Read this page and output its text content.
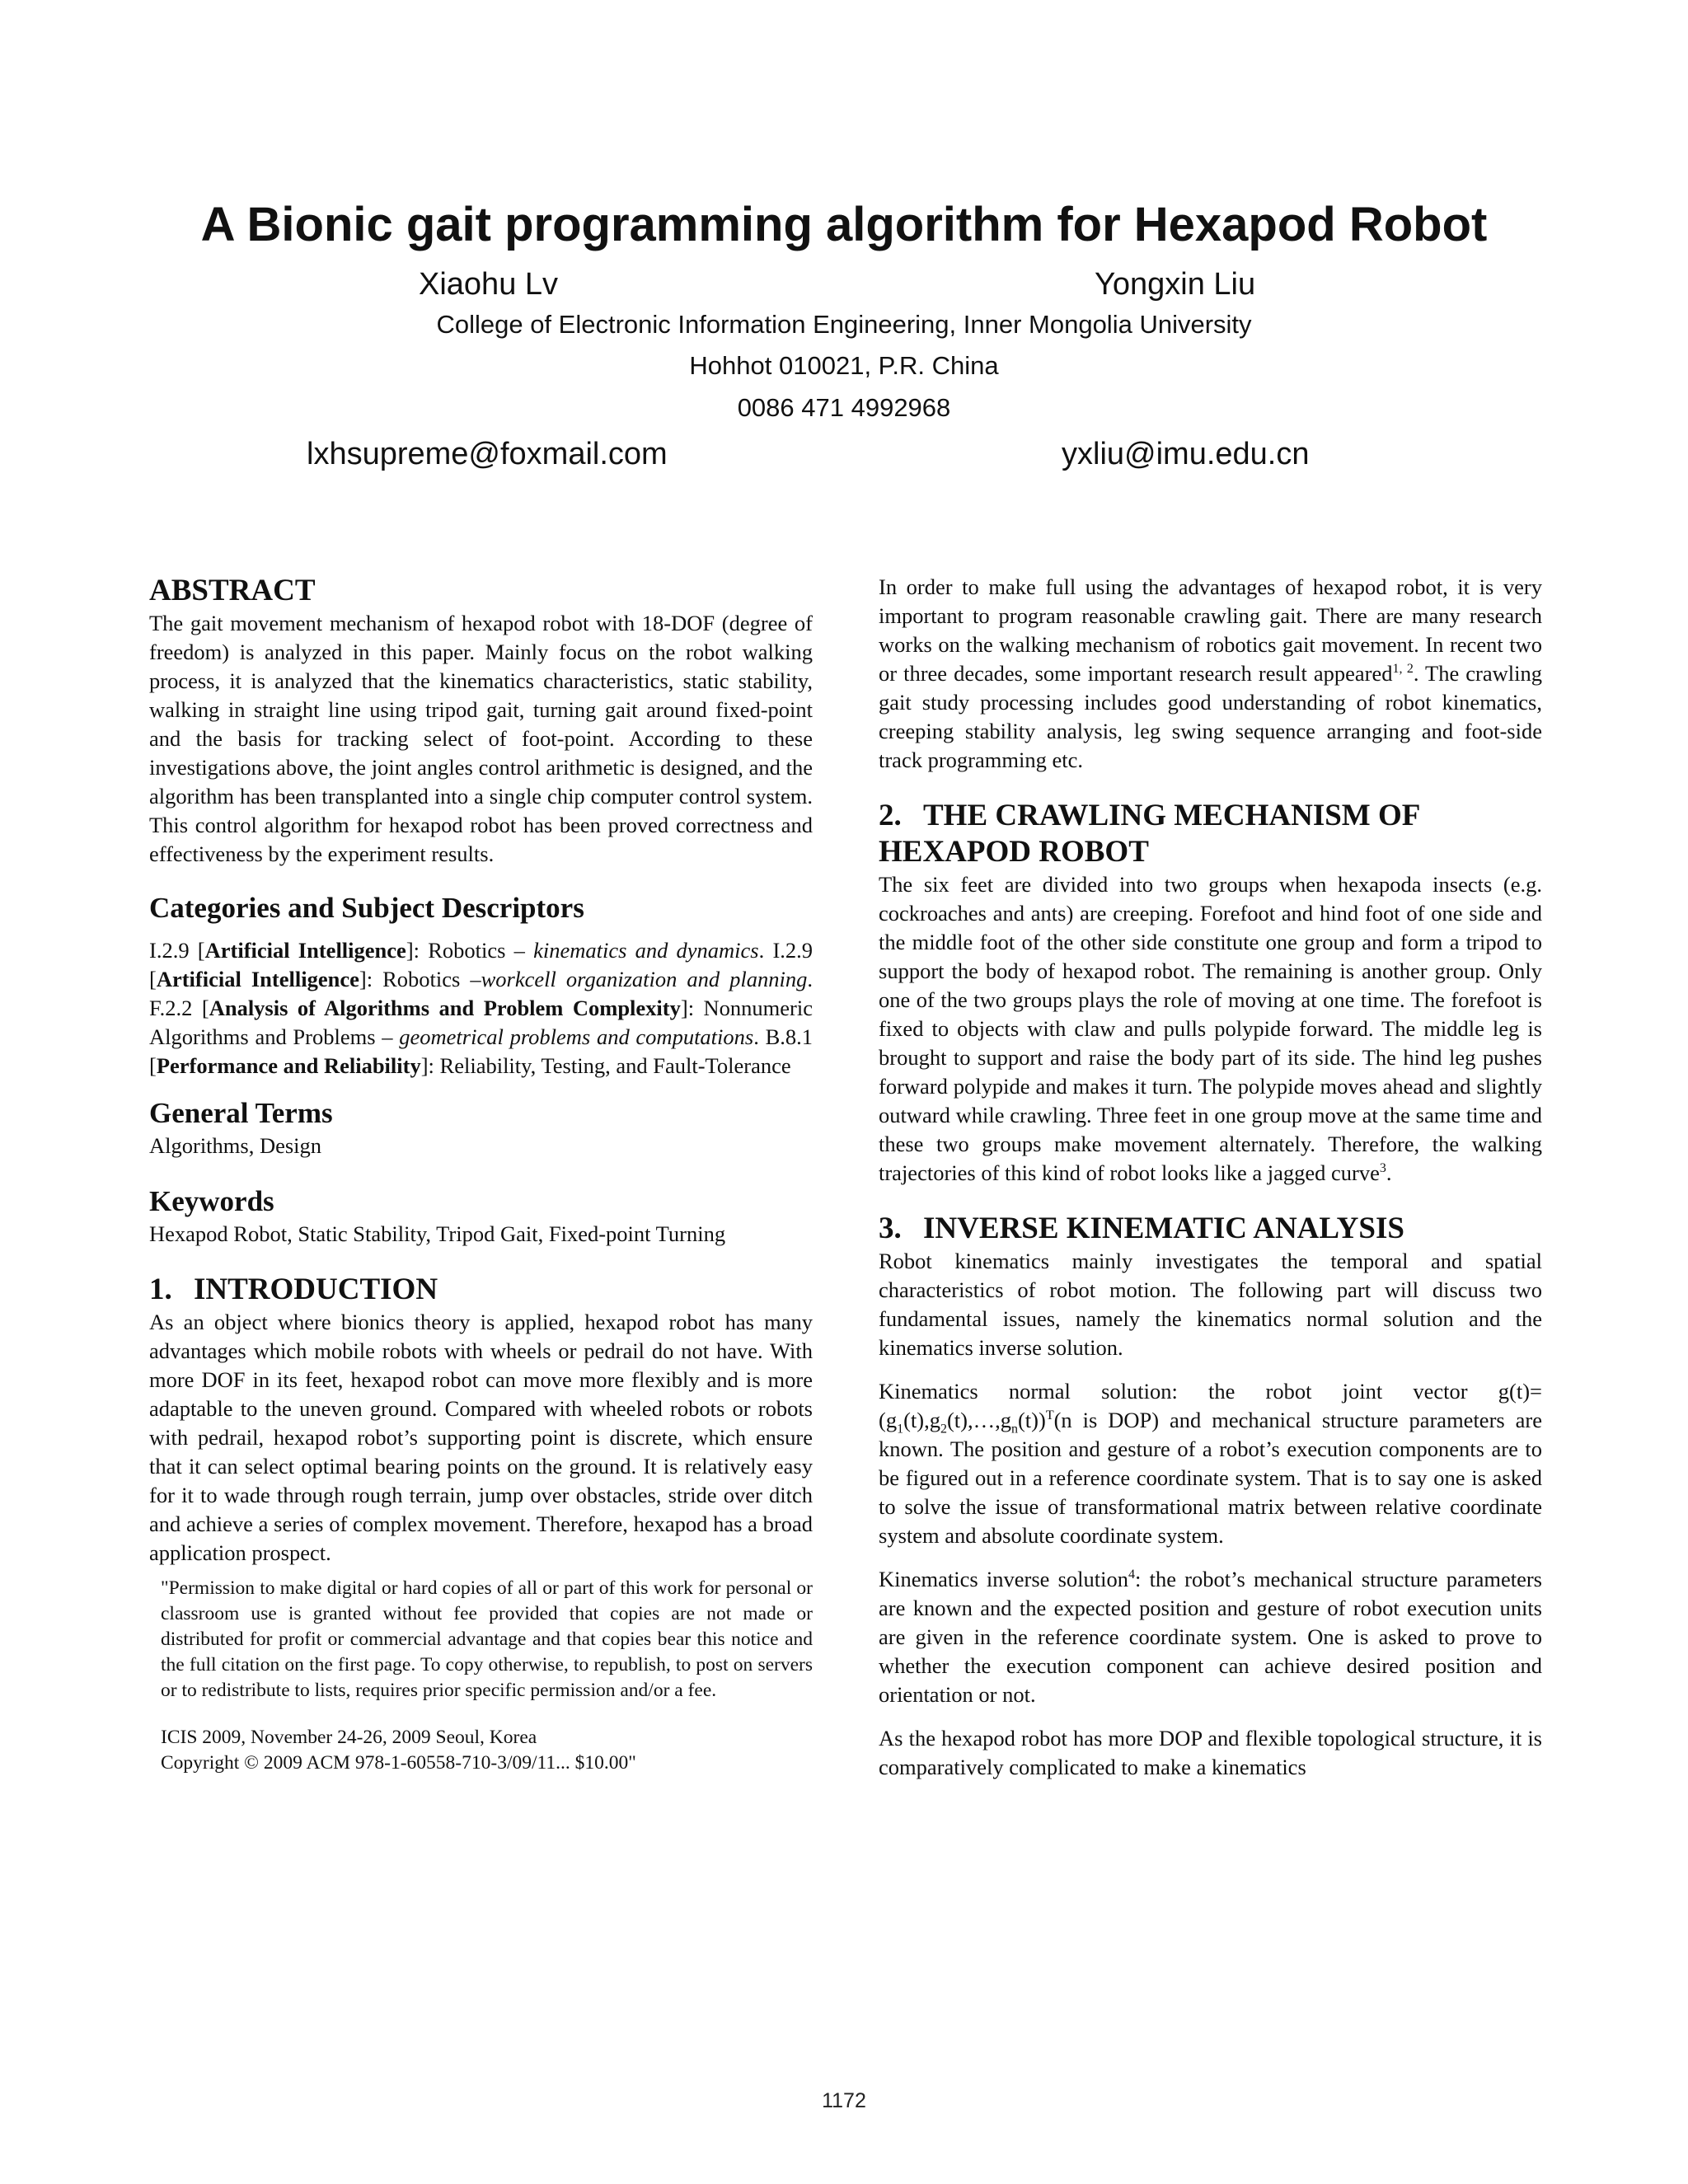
A Bionic gait programming algorithm for Hexapod Robot
Xiaohu Lv	Yongxin Liu
College of Electronic Information Engineering, Inner Mongolia University
Hohhot 010021, P.R. China
0086 471 4992968
lxhsupreme@foxmail.com	yxliu@imu.edu.cn
ABSTRACT

The gait movement mechanism of hexapod robot with 18-DOF (degree of freedom) is analyzed in this paper. Mainly focus on the robot walking process, it is analyzed that the kinematics characteristics, static stability, walking in straight line using tripod gait, turning gait around fixed-point and the basis for tracking select of foot-point. According to these investigations above, the joint angles control arithmetic is designed, and the algorithm has been transplanted into a single chip computer control system. This control algorithm for hexapod robot has been proved correctness and effectiveness by the experiment results.

Categories and Subject Descriptors

I.2.9 [Artificial Intelligence]: Robotics – kinematics and dynamics. I.2.9 [Artificial Intelligence]: Robotics –workcell organization and planning. F.2.2 [Analysis of Algorithms and Problem Complexity]: Nonnumeric Algorithms and Problems – geometrical problems and computations. B.8.1 [Performance and Reliability]: Reliability, Testing, and Fault-Tolerance

General Terms

Algorithms, Design

Keywords

Hexapod Robot, Static Stability, Tripod Gait, Fixed-point Turning

1. INTRODUCTION

As an object where bionics theory is applied, hexapod robot has many advantages which mobile robots with wheels or pedrail do not have. With more DOF in its feet, hexapod robot can move more flexibly and is more adaptable to the uneven ground. Compared with wheeled robots or robots with pedrail, hexapod robot’s supporting point is discrete, which ensure that it can select optimal bearing points on the ground. It is relatively easy for it to wade through rough terrain, jump over obstacles, stride over ditch and achieve a series of complex movement. Therefore, hexapod has a broad application prospect.

"Permission to make digital or hard copies of all or part of this work for personal or classroom use is granted without fee provided that copies are not made or distributed for profit or commercial advantage and that copies bear this notice and the full citation on the first page. To copy otherwise, to republish, to post on servers or to redistribute to lists, requires prior specific permission and/or a fee.

ICIS 2009, November 24-26, 2009 Seoul, Korea

Copyright © 2009 ACM 978-1-60558-710-3/09/11... $10.00"

In order to make full using the advantages of hexapod robot, it is very important to program reasonable crawling gait. There are many research works on the walking mechanism of robotics gait movement. In recent two or three decades, some important research result appeared$^{1, 2}$. The crawling gait study processing includes good understanding of robot kinematics, creeping stability analysis, leg swing sequence arranging and foot-side track programming etc.

2. THE CRAWLING MECHANISM OF
HEXAPOD ROBOT

The six feet are divided into two groups when hexapoda insects (e.g. cockroaches and ants) are creeping. Forefoot and hind foot of one side and the middle foot of the other side constitute one group and form a tripod to support the body of hexapod robot. The remaining is another group. Only one of the two groups plays the role of moving at one time. The forefoot is fixed to objects with claw and pulls polypide forward. The middle leg is brought to support and raise the body part of its side. The hind leg pushes forward polypide and makes it turn. The polypide moves ahead and slightly outward while crawling. Three feet in one group move at the same time and these two groups make movement alternately. Therefore, the walking trajectories of this kind of robot looks like a jagged curve$^3$.

3. INVERSE KINEMATIC ANALYSIS

Robot kinematics mainly investigates the temporal and spatial characteristics of robot motion. The following part will discuss two fundamental issues, namely the kinematics normal solution and the kinematics inverse solution.

Kinematics normal solution: the robot joint vector $g(t)=(g_1(t),g_2(t),\dots,g_n(t))^T(n$ is DOP) and mechanical structure parameters are known. The position and gesture of a robot’s execution components are to be figured out in a reference coordinate system. That is to say one is asked to solve the issue of transformational matrix between relative coordinate system and absolute coordinate system.

Kinematics inverse solution$^4$: the robot’s mechanical structure parameters are known and the expected position and gesture of robot execution units are given in the reference coordinate system. One is asked to prove to whether the execution component can achieve desired position and orientation or not.

As the hexapod robot has more DOP and flexible topological structure, it is comparatively complicated to make a kinematics

1172
